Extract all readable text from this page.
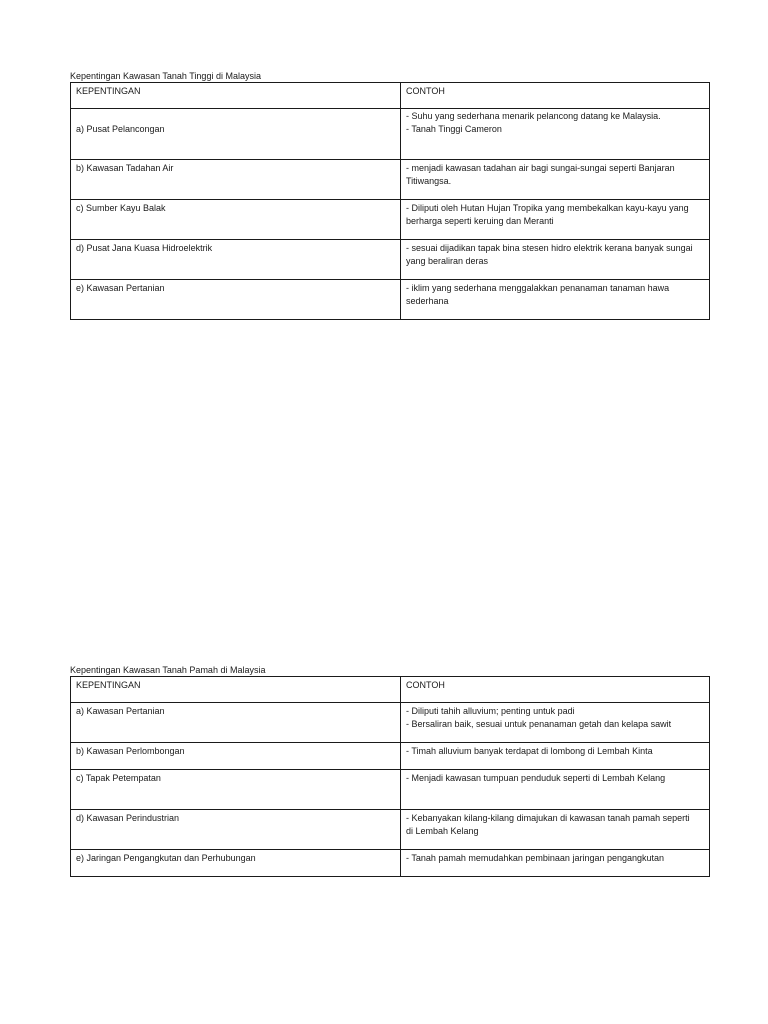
Kepentingan Kawasan Tanah Tinggi di Malaysia
KEPENTINGAN	CONTOH
a) Pusat Pelancongan	- Suhu yang sederhana menarik pelancong datang ke Malaysia.
- Tanah Tinggi Cameron

b) Kawasan Tadahan Air	- menjadi kawasan tadahan air bagi sungai-sungai seperti Banjaran
Titiwangsa.

c) Sumber Kayu Balak	- Diliputi oleh Hutan Hujan Tropika yang membekalkan kayu-kayu yang
berharga seperti keruing dan Meranti

d) Pusat Jana Kuasa Hidroelektrik	- sesuai dijadikan tapak bina stesen hidro elektrik kerana banyak sungai
yang beraliran deras

e) Kawasan Pertanian	- iklim yang sederhana menggalakkan penanaman tanaman hawa
sederhana
Kepentingan Kawasan Tanah Pamah di Malaysia
KEPENTINGAN	CONTOH
a) Kawasan Pertanian	- Diliputi tahih alluvium; penting untuk padi
- Bersaliran baik, sesuai untuk penanaman getah dan kelapa sawit

b) Kawasan Perlombongan	- Timah alluvium banyak terdapat di lombong di Lembah Kinta

c) Tapak Petempatan	- Menjadi kawasan tumpuan penduduk seperti di Lembah Kelang

d) Kawasan Perindustrian	- Kebanyakan kilang-kilang dimajukan di kawasan tanah pamah seperti
di Lembah Kelang

e) Jaringan Pengangkutan dan Perhubungan	- Tanah pamah memudahkan pembinaan jaringan pengangkutan
